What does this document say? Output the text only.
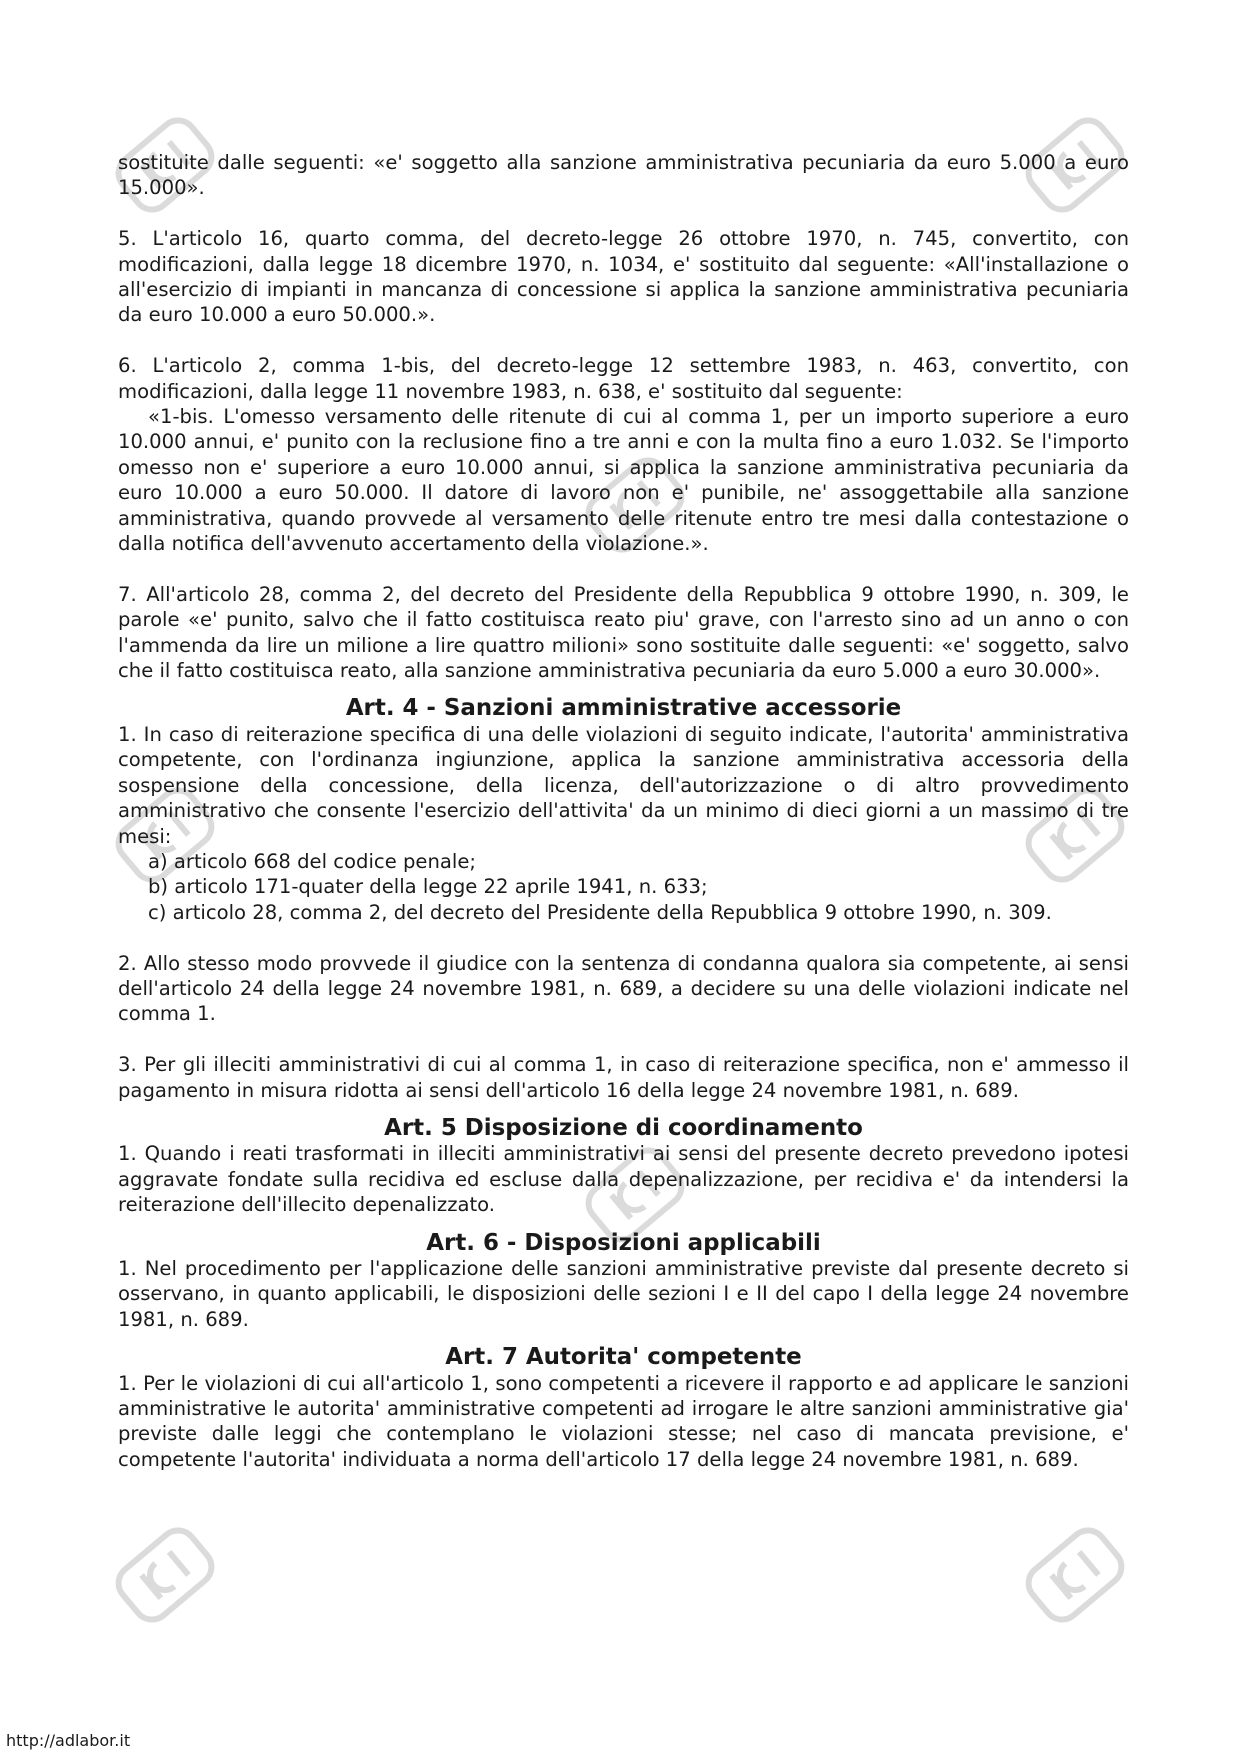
sostituite dalle seguenti: «e' soggetto alla sanzione amministrativa pecuniaria da euro 5.000 a euro 15.000».

5. L'articolo 16, quarto comma, del decreto-legge 26 ottobre 1970, n. 745, convertito, con modificazioni, dalla legge 18 dicembre 1970, n. 1034, e' sostituito dal seguente: «All'installazione o all'esercizio di impianti in mancanza di concessione si applica la sanzione amministrativa pecuniaria da euro 10.000 a euro 50.000.».

6. L'articolo 2, comma 1-bis, del decreto-legge 12 settembre 1983, n. 463, convertito, con modificazioni, dalla legge 11 novembre 1983, n. 638, e' sostituito dal seguente:

«1-bis. L'omesso versamento delle ritenute di cui al comma 1, per un importo superiore a euro 10.000 annui, e' punito con la reclusione fino a tre anni e con la multa fino a euro 1.032. Se l'importo omesso non e' superiore a euro 10.000 annui, si applica la sanzione amministrativa pecuniaria da euro 10.000 a euro 50.000. Il datore di lavoro non e' punibile, ne' assoggettabile alla sanzione amministrativa, quando provvede al versamento delle ritenute entro tre mesi dalla contestazione o dalla notifica dell'avvenuto accertamento della violazione.».

7. All'articolo 28, comma 2, del decreto del Presidente della Repubblica 9 ottobre 1990, n. 309, le parole «e' punito, salvo che il fatto costituisca reato piu' grave, con l'arresto sino ad un anno o con l'ammenda da lire un milione a lire quattro milioni» sono sostituite dalle seguenti: «e' soggetto, salvo che il fatto costituisca reato, alla sanzione amministrativa pecuniaria da euro 5.000 a euro 30.000».

Art. 4 - Sanzioni amministrative accessorie

1. In caso di reiterazione specifica di una delle violazioni di seguito indicate, l'autorita' amministrativa competente, con l'ordinanza ingiunzione, applica la sanzione amministrativa accessoria della sospensione della concessione, della licenza, dell'autorizzazione o di altro provvedimento amministrativo che consente l'esercizio dell'attivita' da un minimo di dieci giorni a un massimo di tre mesi:

a) articolo 668 del codice penale;

b) articolo 171-quater della legge 22 aprile 1941, n. 633;

c) articolo 28, comma 2, del decreto del Presidente della Repubblica 9 ottobre 1990, n. 309.

2. Allo stesso modo provvede il giudice con la sentenza di condanna qualora sia competente, ai sensi dell'articolo 24 della legge 24 novembre 1981, n. 689, a decidere su una delle violazioni indicate nel comma 1.

3. Per gli illeciti amministrativi di cui al comma 1, in caso di reiterazione specifica, non e' ammesso il pagamento in misura ridotta ai sensi dell'articolo 16 della legge 24 novembre 1981, n. 689.

Art. 5 Disposizione di coordinamento

1. Quando i reati trasformati in illeciti amministrativi ai sensi del presente decreto prevedono ipotesi aggravate fondate sulla recidiva ed escluse dalla depenalizzazione, per recidiva e' da intendersi la reiterazione dell'illecito depenalizzato.

Art. 6 - Disposizioni applicabili

1. Nel procedimento per l'applicazione delle sanzioni amministrative previste dal presente decreto si osservano, in quanto applicabili, le disposizioni delle sezioni I e II del capo I della legge 24 novembre 1981, n. 689.

Art. 7 Autorita' competente

1. Per le violazioni di cui all'articolo 1, sono competenti a ricevere il rapporto e ad applicare le sanzioni amministrative le autorita' amministrative competenti ad irrogare le altre sanzioni amministrative gia' previste dalle leggi che contemplano le violazioni stesse; nel caso di mancata previsione, e' competente l'autorita' individuata a norma dell'articolo 17 della legge 24 novembre 1981, n. 689.

http://adlabor.it
